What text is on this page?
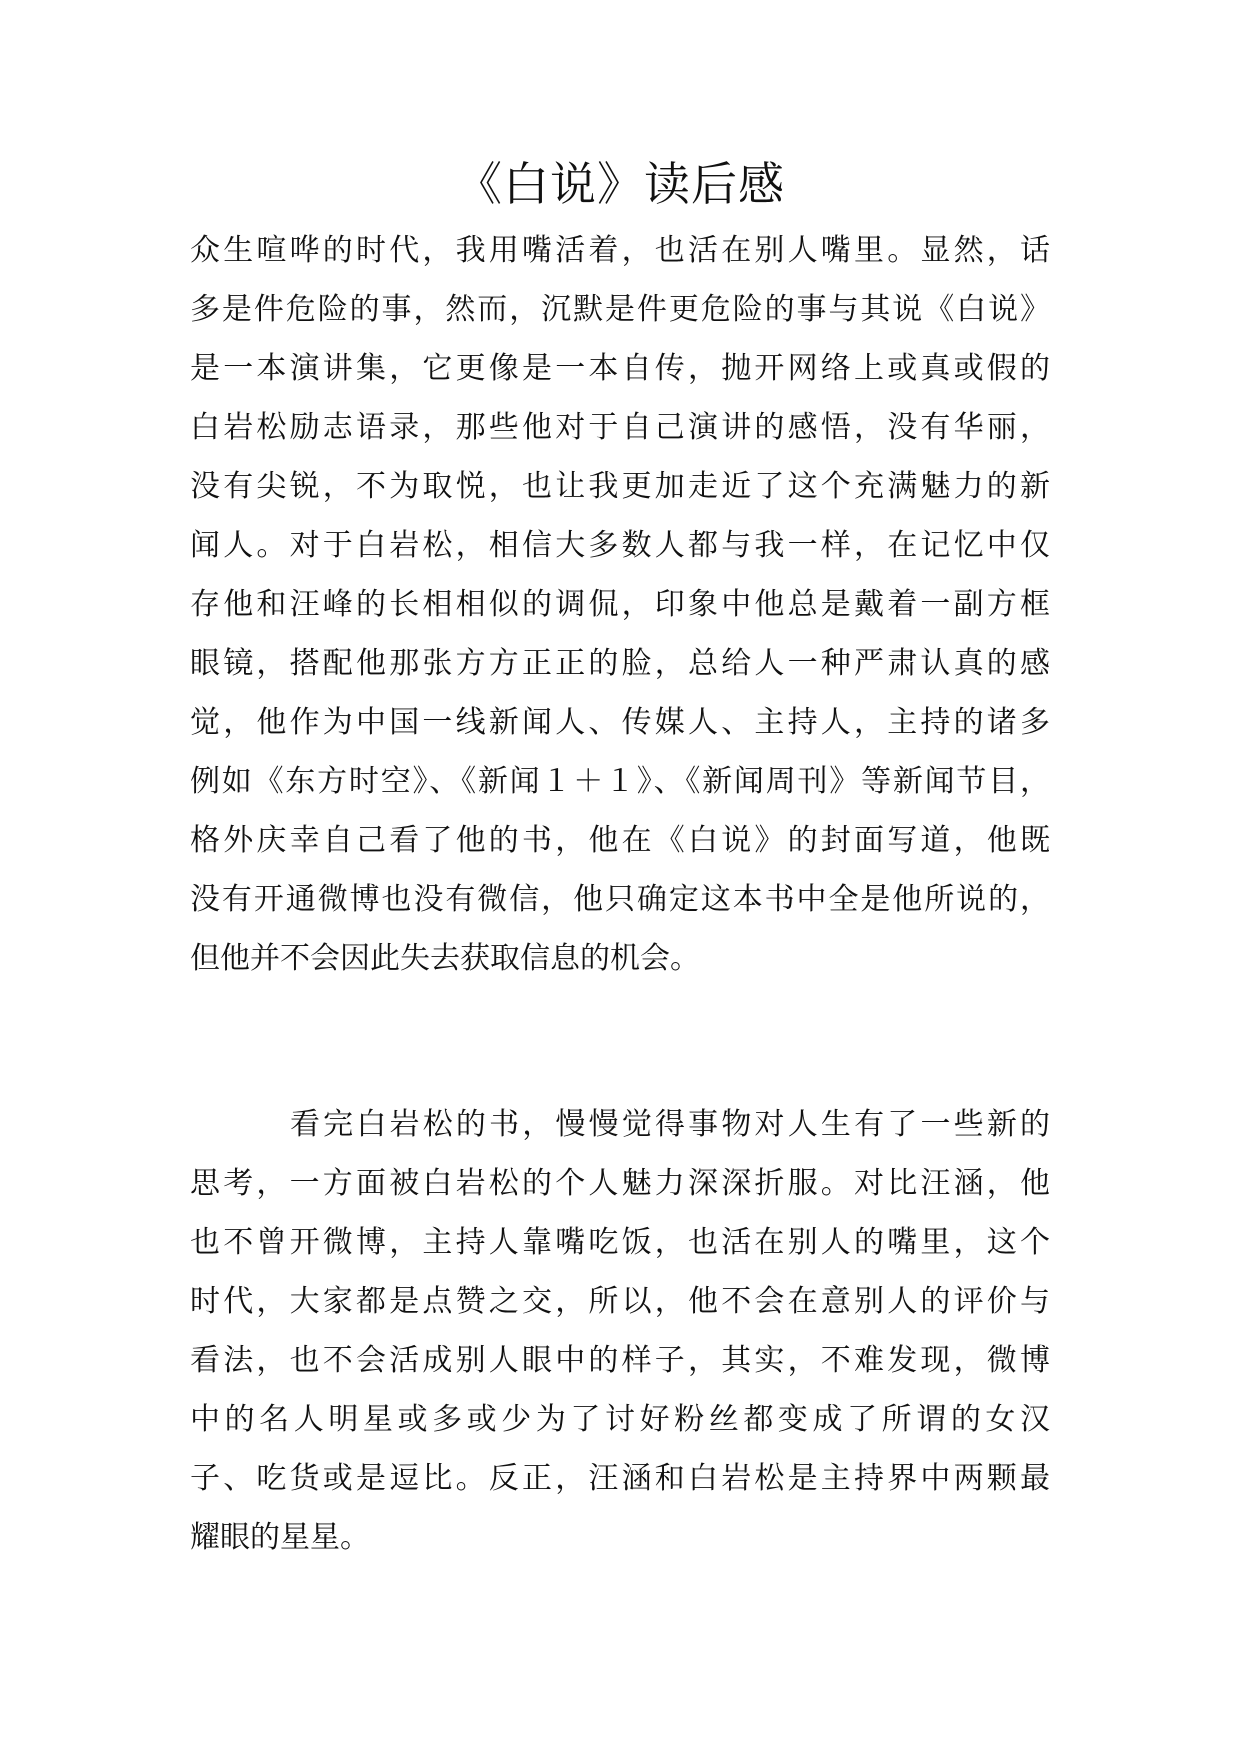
《白说》读后感
众生喧哗的时代，我用嘴活着，也活在别人嘴里。显然，话
多是件危险的事，然而，沉默是件更危险的事与其说《白说》
是一本演讲集，它更像是一本自传，抛开网络上或真或假的
白岩松励志语录，那些他对于自己演讲的感悟，没有华丽，
没有尖锐，不为取悦，也让我更加走近了这个充满魅力的新
闻人。对于白岩松，相信大多数人都与我一样，在记忆中仅
存他和汪峰的长相相似的调侃，印象中他总是戴着一副方框
眼镜，搭配他那张方方正正的脸，总给人一种严肃认真的感
觉，他作为中国一线新闻人、传媒人、主持人，主持的诸多
例如《东方时空》、《新闻１＋１》、《新闻周刊》等新闻节目，
格外庆幸自己看了他的书，他在《白说》的封面写道，他既
没有开通微博也没有微信，他只确定这本书中全是他所说的，
但他并不会因此失去获取信息的机会。
看完白岩松的书，慢慢觉得事物对人生有了一些新的
思考，一方面被白岩松的个人魅力深深折服。对比汪涵，他
也不曾开微博，主持人靠嘴吃饭，也活在别人的嘴里，这个
时代，大家都是点赞之交，所以，他不会在意别人的评价与
看法，也不会活成别人眼中的样子，其实，不难发现，微博
中的名人明星或多或少为了讨好粉丝都变成了所谓的女汉
子、吃货或是逗比。反正，汪涵和白岩松是主持界中两颗最
耀眼的星星。
